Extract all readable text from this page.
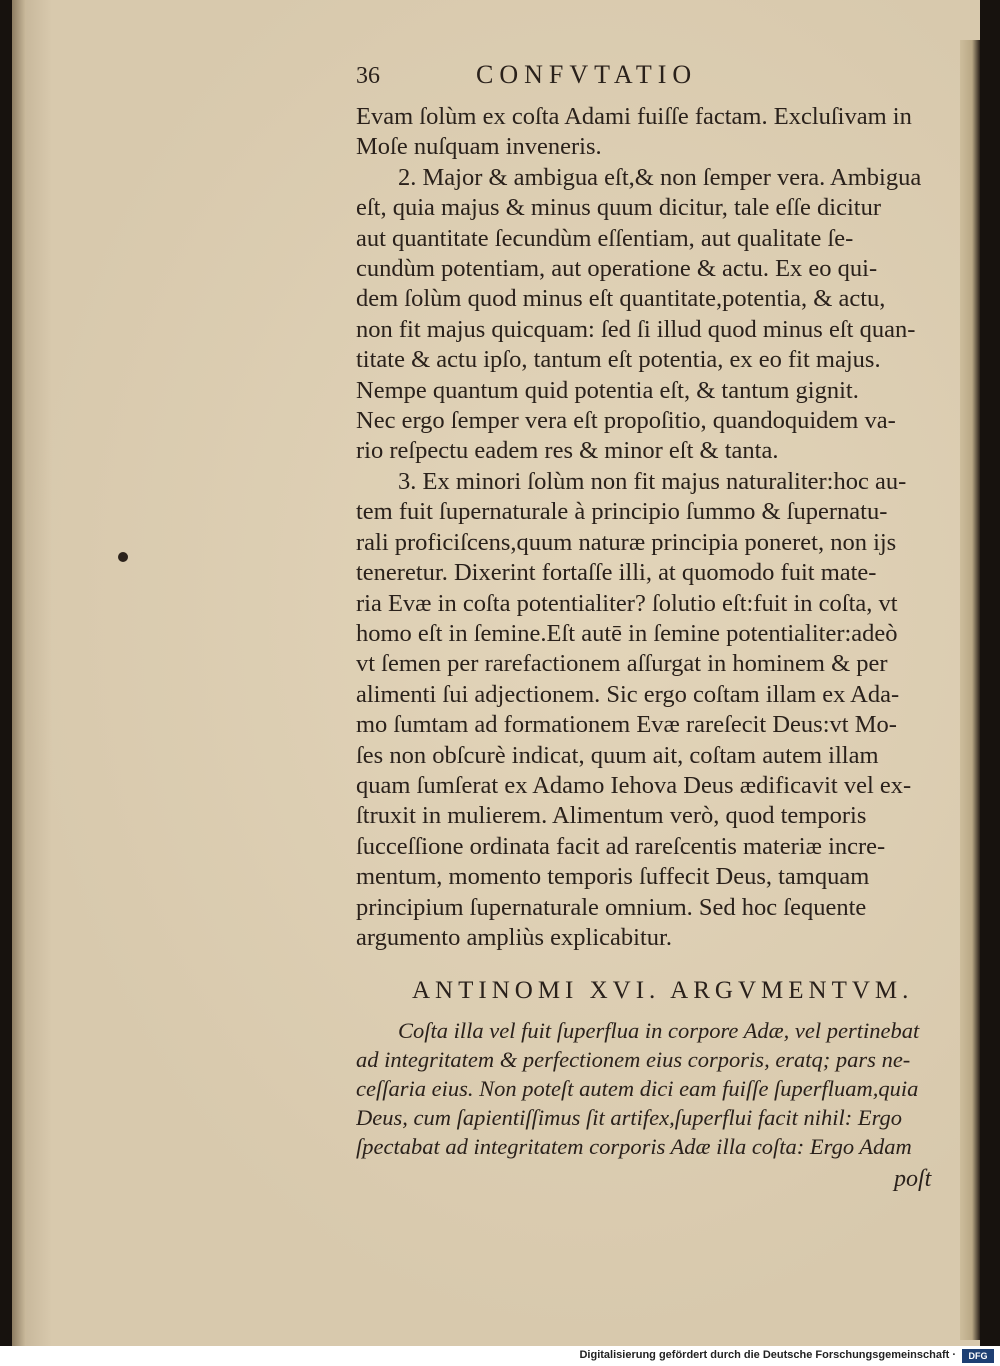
36	CONFVTATIO
Evam ſolùm ex coſta Adami fuiſſe factam. Excluſivam in
Moſe nuſquam inveneris.
2. Major & ambigua eſt,& non ſemper vera. Ambigua
eſt, quia majus & minus quum dicitur, tale eſſe dicitur
aut quantitate ſecundùm eſſentiam, aut qualitate ſe-
cundùm potentiam, aut operatione & actu. Ex eo qui-
dem ſolùm quod minus eſt quantitate,potentia, & actu,
non fit majus quicquam: ſed ſi illud quod minus eſt quan-
titate & actu ipſo, tantum eſt potentia, ex eo fit majus.
Nempe quantum quid potentia eſt, & tantum gignit.
Nec ergo ſemper vera eſt propoſitio, quandoquidem va-
rio reſpectu eadem res & minor eſt & tanta.
3. Ex minori ſolùm non fit majus naturaliter:hoc au-
tem fuit ſupernaturale à principio ſummo & ſupernatu-
rali proficiſcens,quum naturæ principia poneret, non ijs
teneretur. Dixerint fortaſſe illi, at quomodo fuit mate-
ria Evæ in coſta potentialiter? ſolutio eſt:fuit in coſta, vt
homo eſt in ſemine.Eſt autē in ſemine potentialiter:adeò
vt ſemen per rarefactionem aſſurgat in hominem & per
alimenti ſui adjectionem. Sic ergo coſtam illam ex Ada-
mo ſumtam ad formationem Evæ rareſecit Deus:vt Mo-
ſes non obſcurè indicat, quum ait, coſtam autem illam
quam ſumſerat ex Adamo Iehova Deus ædificavit vel ex-
ſtruxit in mulierem. Alimentum verò, quod temporis
ſucceſſione ordinata facit ad rareſcentis materiæ incre-
mentum, momento temporis ſuffecit Deus, tamquam
principium ſupernaturale omnium. Sed hoc ſequente
argumento ampliùs explicabitur.
ANTINOMI XVI. ARGVMENTVM.
Coſta illa vel fuit ſuperflua in corpore Adæ, vel pertinebat
ad integritatem & perfectionem eius corporis, eratq; pars ne-
ceſſaria eius. Non poteſt autem dici eam fuiſſe ſuperfluam,quia
Deus, cum ſapientiſſimus ſit artifex,ſuperflui facit nihil: Ergo
ſpectabat ad integritatem corporis Adæ illa coſta: Ergo Adam
poſt
Digitalisierung gefördert durch die Deutsche Forschungsgemeinschaft ·	DFG
